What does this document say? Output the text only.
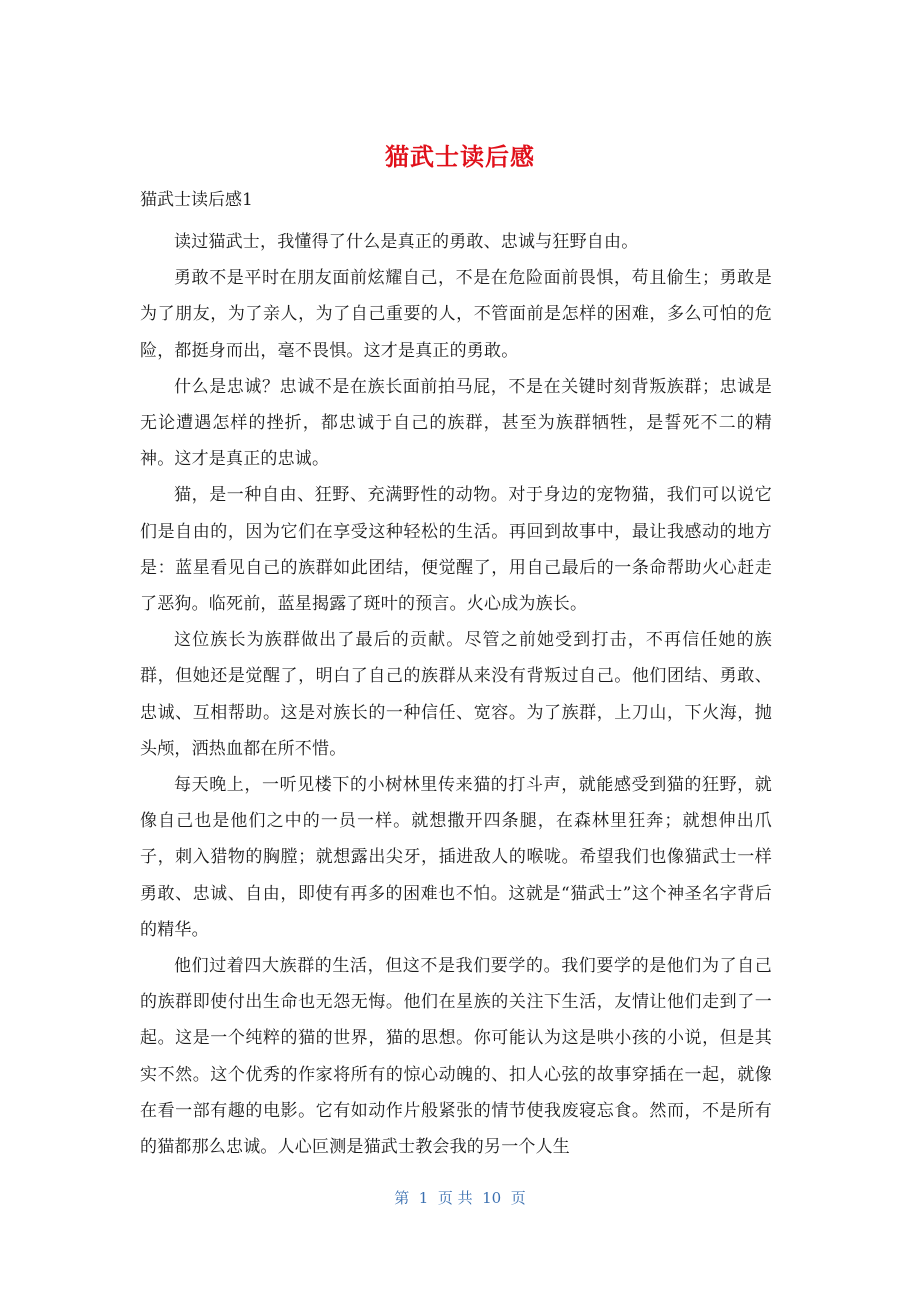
猫武士读后感
猫武士读后感1

读过猫武士，我懂得了什么是真正的勇敢、忠诚与狂野自由。

勇敢不是平时在朋友面前炫耀自己，不是在危险面前畏惧，苟且偷生；勇敢是为了朋友，为了亲人，为了自己重要的人，不管面前是怎样的困难，多么可怕的危险，都挺身而出，毫不畏惧。这才是真正的勇敢。

什么是忠诚？忠诚不是在族长面前拍马屁，不是在关键时刻背叛族群；忠诚是无论遭遇怎样的挫折，都忠诚于自己的族群，甚至为族群牺牲，是誓死不二的精神。这才是真正的忠诚。

猫，是一种自由、狂野、充满野性的动物。对于身边的宠物猫，我们可以说它们是自由的，因为它们在享受这种轻松的生活。再回到故事中，最让我感动的地方是：蓝星看见自己的族群如此团结，便觉醒了，用自己最后的一条命帮助火心赶走了恶狗。临死前，蓝星揭露了斑叶的预言。火心成为族长。

这位族长为族群做出了最后的贡献。尽管之前她受到打击，不再信任她的族群，但她还是觉醒了，明白了自己的族群从来没有背叛过自己。他们团结、勇敢、忠诚、互相帮助。这是对族长的一种信任、宽容。为了族群，上刀山，下火海，抛头颅，洒热血都在所不惜。

每天晚上，一听见楼下的小树林里传来猫的打斗声，就能感受到猫的狂野，就像自己也是他们之中的一员一样。就想撒开四条腿，在森林里狂奔；就想伸出爪子，刺入猎物的胸膛；就想露出尖牙，插进敌人的喉咙。希望我们也像猫武士一样勇敢、忠诚、自由，即使有再多的困难也不怕。这就是“猫武士”这个神圣名字背后的精华。

他们过着四大族群的生活，但这不是我们要学的。我们要学的是他们为了自己的族群即使付出生命也无怨无悔。他们在星族的关注下生活，友情让他们走到了一起。这是一个纯粹的猫的世界，猫的思想。你可能认为这是哄小孩的小说，但是其实不然。这个优秀的作家将所有的惊心动魄的、扣人心弦的故事穿插在一起，就像在看一部有趣的电影。它有如动作片般紧张的情节使我废寝忘食。然而，不是所有的猫都那么忠诚。人心叵测是猫武士教会我的另一个人生

第  1  页 共  10  页
